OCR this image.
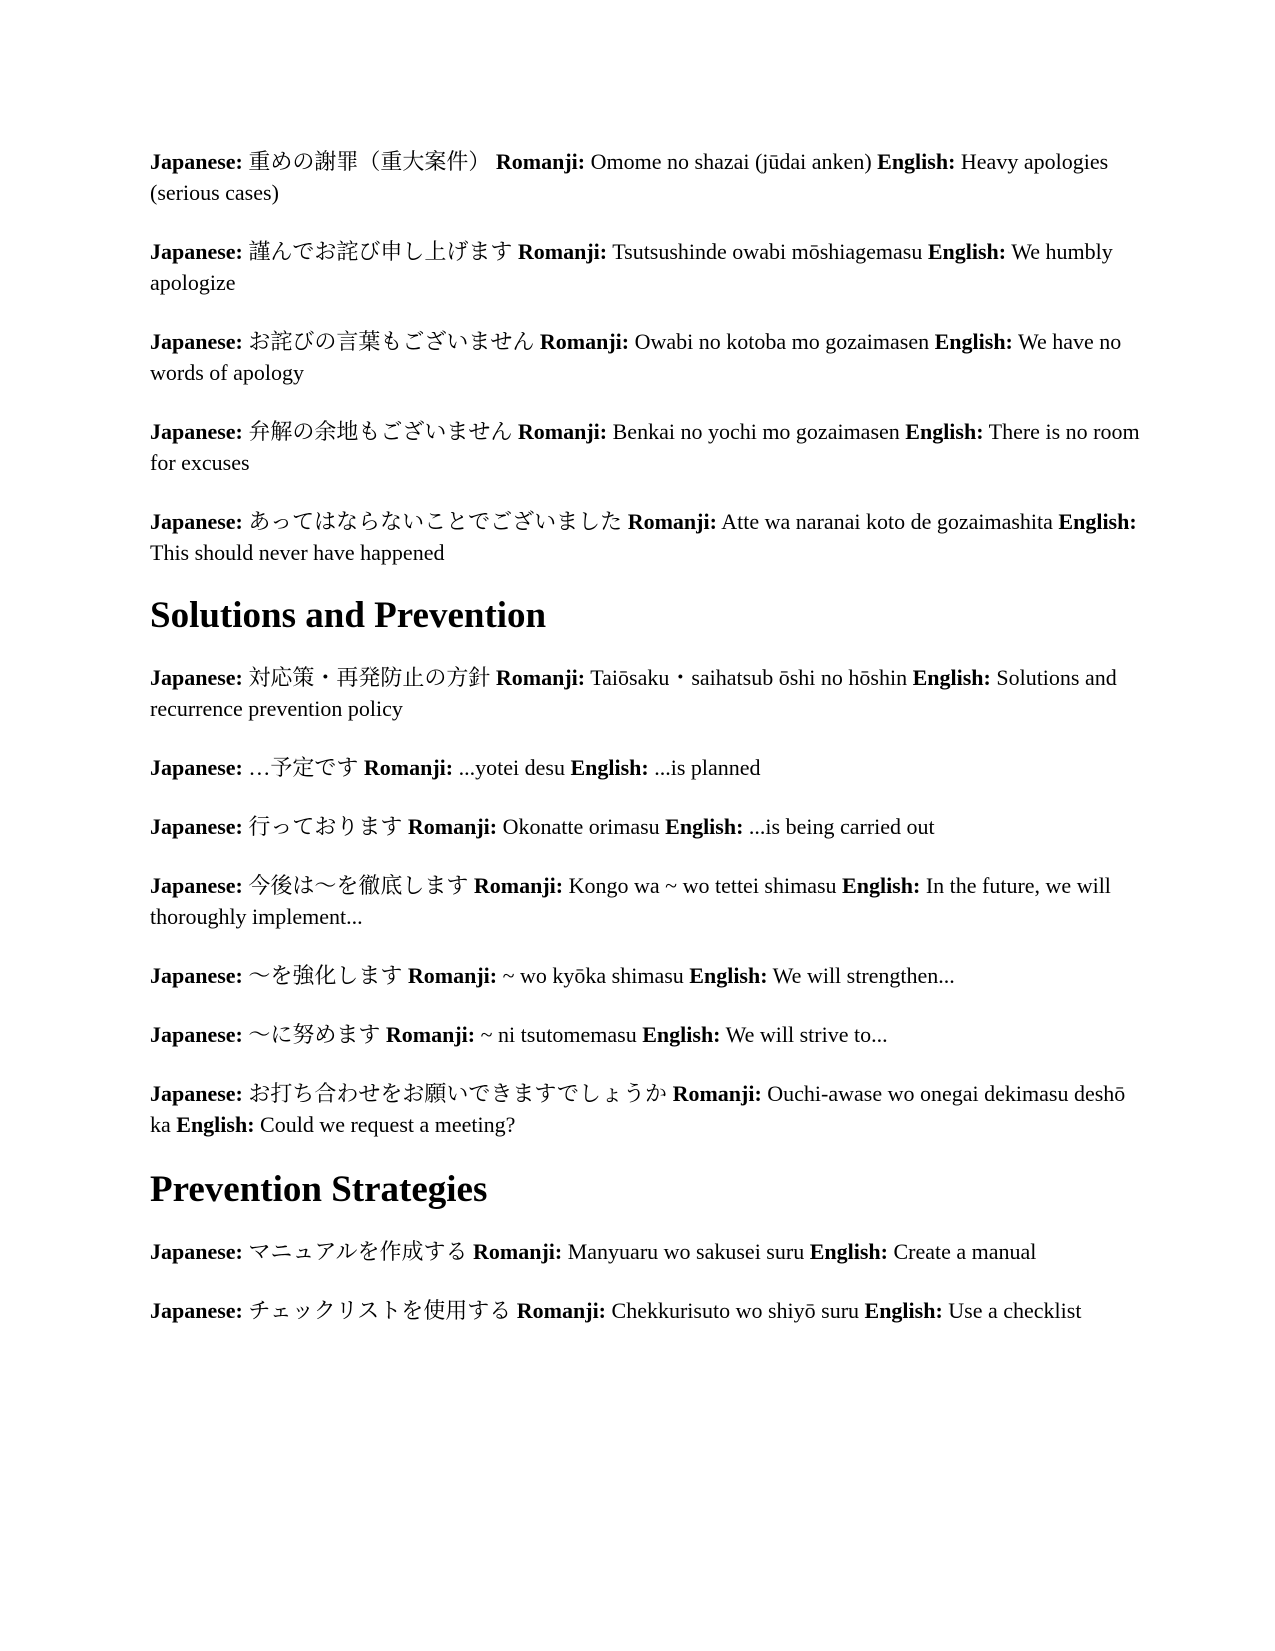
Japanese: 重めの謝罪（重大案件） Romanji: Omome no shazai (jūdai anken) English: Heavy apologies (serious cases)

Japanese: 謹んでお詫び申し上げます Romanji: Tsutsushinde owabi mōshiagemasu English: We humbly apologize

Japanese: お詫びの言葉もございません Romanji: Owabi no kotoba mo gozaimasen English: We have no words of apology

Japanese: 弁解の余地もございません Romanji: Benkai no yochi mo gozaimasen English: There is no room for excuses

Japanese: あってはならないことでございました Romanji: Atte wa naranai koto de gozaimashita English: This should never have happened

Solutions and Prevention

Japanese: 対応策・再発防止の方針 Romanji: Taiōsaku・saihatsub ōshi no hōshin English: Solutions and recurrence prevention policy

Japanese: …予定です Romanji: ...yotei desu English: ...is planned

Japanese: 行っております Romanji: Okonatte orimasu English: ...is being carried out

Japanese: 今後は〜を徹底します Romanji: Kongo wa ~ wo tettei shimasu English: In the future, we will thoroughly implement...

Japanese: 〜を強化します Romanji: ~ wo kyōka shimasu English: We will strengthen...

Japanese: 〜に努めます Romanji: ~ ni tsutomemasu English: We will strive to...

Japanese: お打ち合わせをお願いできますでしょうか Romanji: Ouchi-awase wo onegai dekimasu deshō ka English: Could we request a meeting?

Prevention Strategies

Japanese: マニュアルを作成する Romanji: Manyuaru wo sakusei suru English: Create a manual

Japanese: チェックリストを使用する Romanji: Chekkurisuto wo shiyō suru English: Use a checklist
